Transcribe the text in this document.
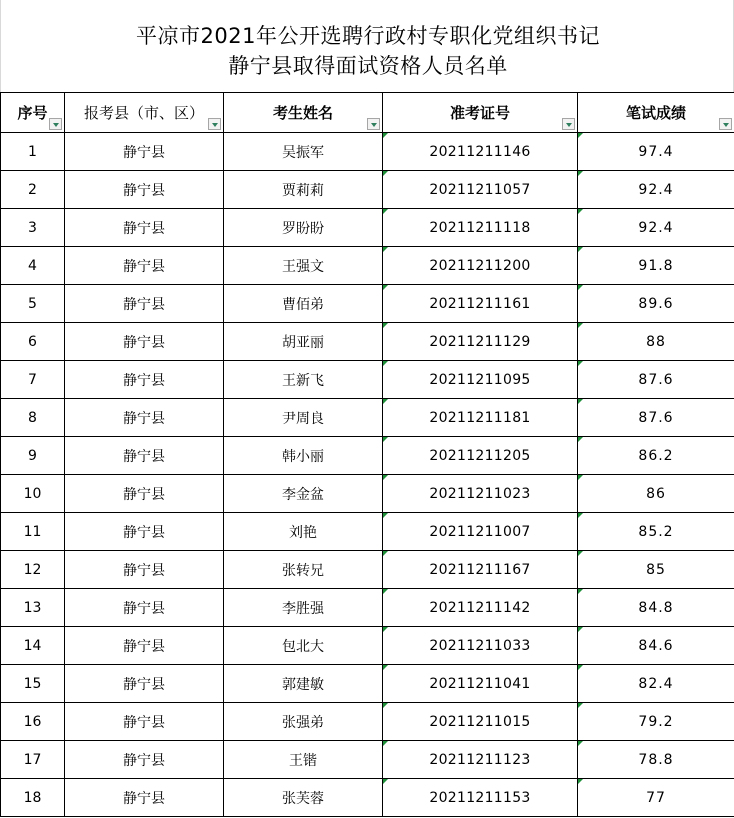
平凉市2021年公开选聘行政村专职化党组织书记
静宁县取得面试资格人员名单
序号	报考县（市、区）	考生姓名	准考证号	笔试成绩

1	静宁县	吴振军	20211211146	97.4

2	静宁县	贾莉莉	20211211057	92.4

3	静宁县	罗盼盼	20211211118	92.4

4	静宁县	王强文	20211211200	91.8

5	静宁县	曹佰弟	20211211161	89.6

6	静宁县	胡亚丽	20211211129	88

7	静宁县	王新飞	20211211095	87.6

8	静宁县	尹周良	20211211181	87.6

9	静宁县	韩小丽	20211211205	86.2

10	静宁县	李金盆	20211211023	86

11	静宁县	刘艳	20211211007	85.2

12	静宁县	张转兄	20211211167	85

13	静宁县	李胜强	20211211142	84.8

14	静宁县	包北大	20211211033	84.6

15	静宁县	郭建敏	20211211041	82.4

16	静宁县	张强弟	20211211015	79.2

17	静宁县	王锴	20211211123	78.8

18	静宁县	张芙蓉	20211211153	77
